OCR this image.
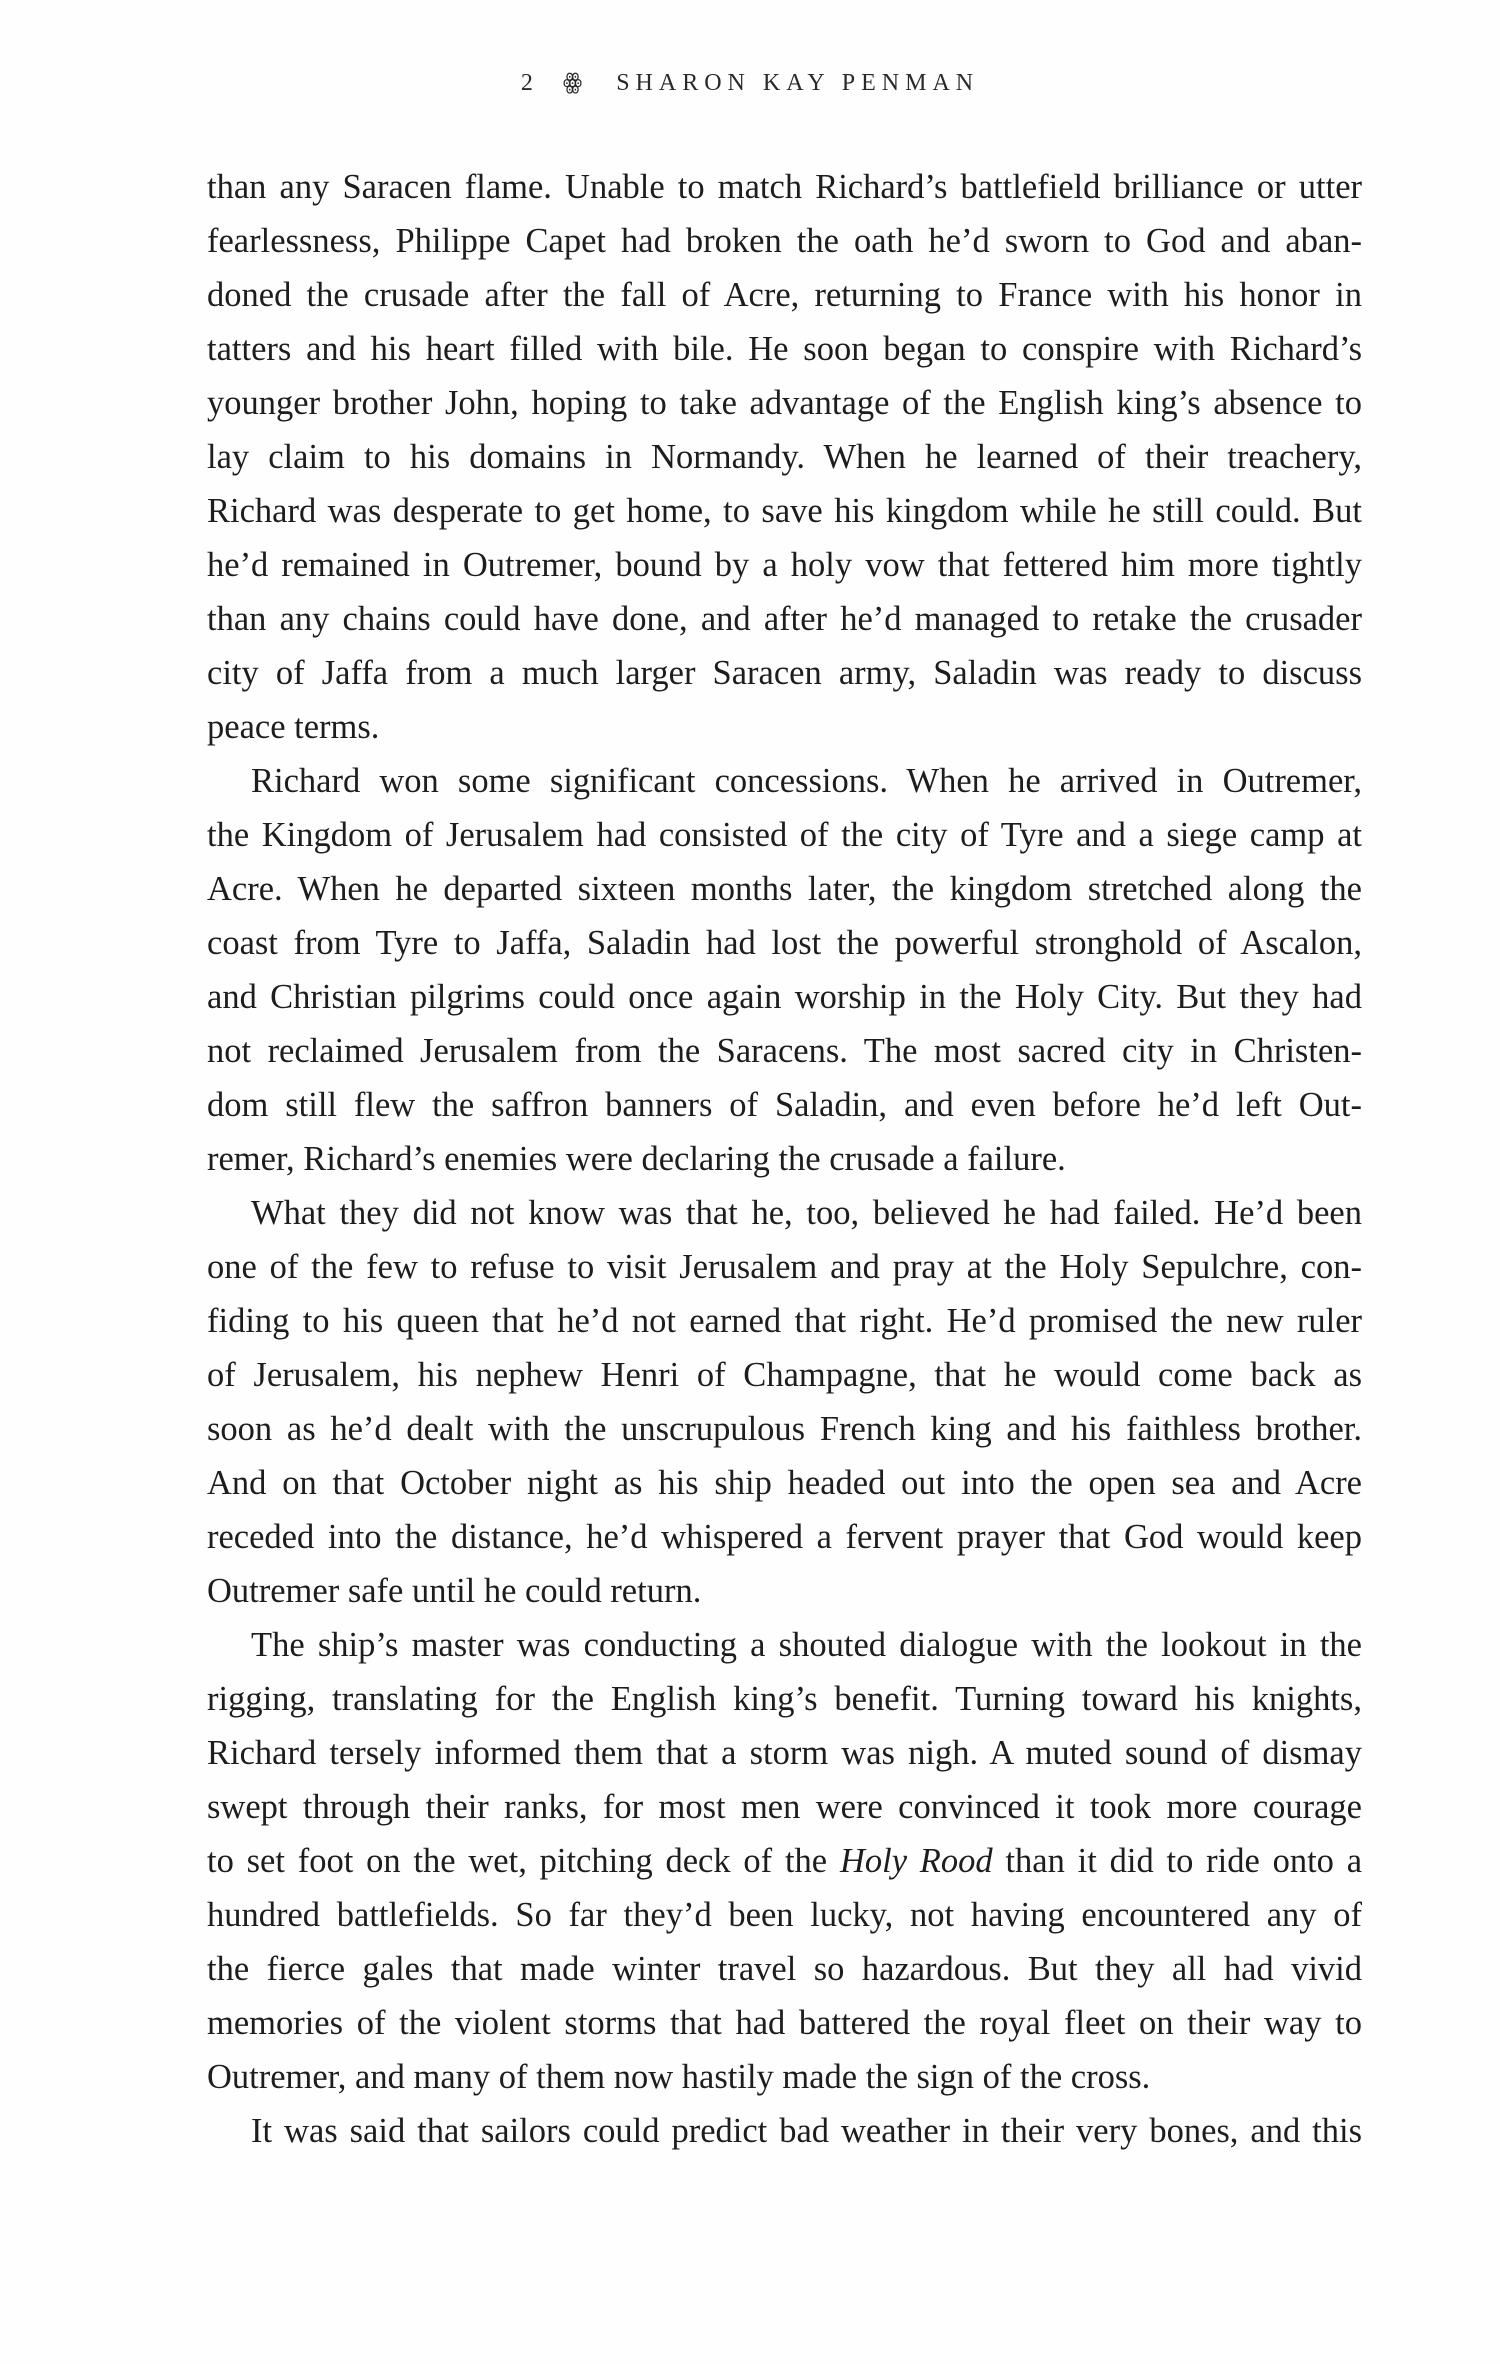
2 ꙮ SHARON KAY PENMAN
than any Saracen flame. Unable to match Richard’s battlefield brilliance or utter
fearlessness, Philippe Capet had broken the oath he’d sworn to God and aban-
doned the crusade after the fall of Acre, returning to France with his honor in
tatters and his heart filled with bile. He soon began to conspire with Richard’s
younger brother John, hoping to take advantage of the English king’s absence to
lay claim to his domains in Normandy. When he learned of their treachery,
Richard was desperate to get home, to save his kingdom while he still could. But
he’d remained in Outremer, bound by a holy vow that fettered him more tightly
than any chains could have done, and after he’d managed to retake the crusader
city of Jaffa from a much larger Saracen army, Saladin was ready to discuss
peace terms.
Richard won some significant concessions. When he arrived in Outremer,
the Kingdom of Jerusalem had consisted of the city of Tyre and a siege camp at
Acre. When he departed sixteen months later, the kingdom stretched along the
coast from Tyre to Jaffa, Saladin had lost the powerful stronghold of Ascalon,
and Christian pilgrims could once again worship in the Holy City. But they had
not reclaimed Jerusalem from the Saracens. The most sacred city in Christen-
dom still flew the saffron banners of Saladin, and even before he’d left Out-
remer, Richard’s enemies were declaring the crusade a failure.
What they did not know was that he, too, believed he had failed. He’d been
one of the few to refuse to visit Jerusalem and pray at the Holy Sepulchre, con-
fiding to his queen that he’d not earned that right. He’d promised the new ruler
of Jerusalem, his nephew Henri of Champagne, that he would come back as
soon as he’d dealt with the unscrupulous French king and his faithless brother.
And on that October night as his ship headed out into the open sea and Acre
receded into the distance, he’d whispered a fervent prayer that God would keep
Outremer safe until he could return.
The ship’s master was conducting a shouted dialogue with the lookout in the
rigging, translating for the English king’s benefit. Turning toward his knights,
Richard tersely informed them that a storm was nigh. A muted sound of dismay
swept through their ranks, for most men were convinced it took more courage
to set foot on the wet, pitching deck of the Holy Rood than it did to ride onto a
hundred battlefields. So far they’d been lucky, not having encountered any of
the fierce gales that made winter travel so hazardous. But they all had vivid
memories of the violent storms that had battered the royal fleet on their way to
Outremer, and many of them now hastily made the sign of the cross.
It was said that sailors could predict bad weather in their very bones, and this
